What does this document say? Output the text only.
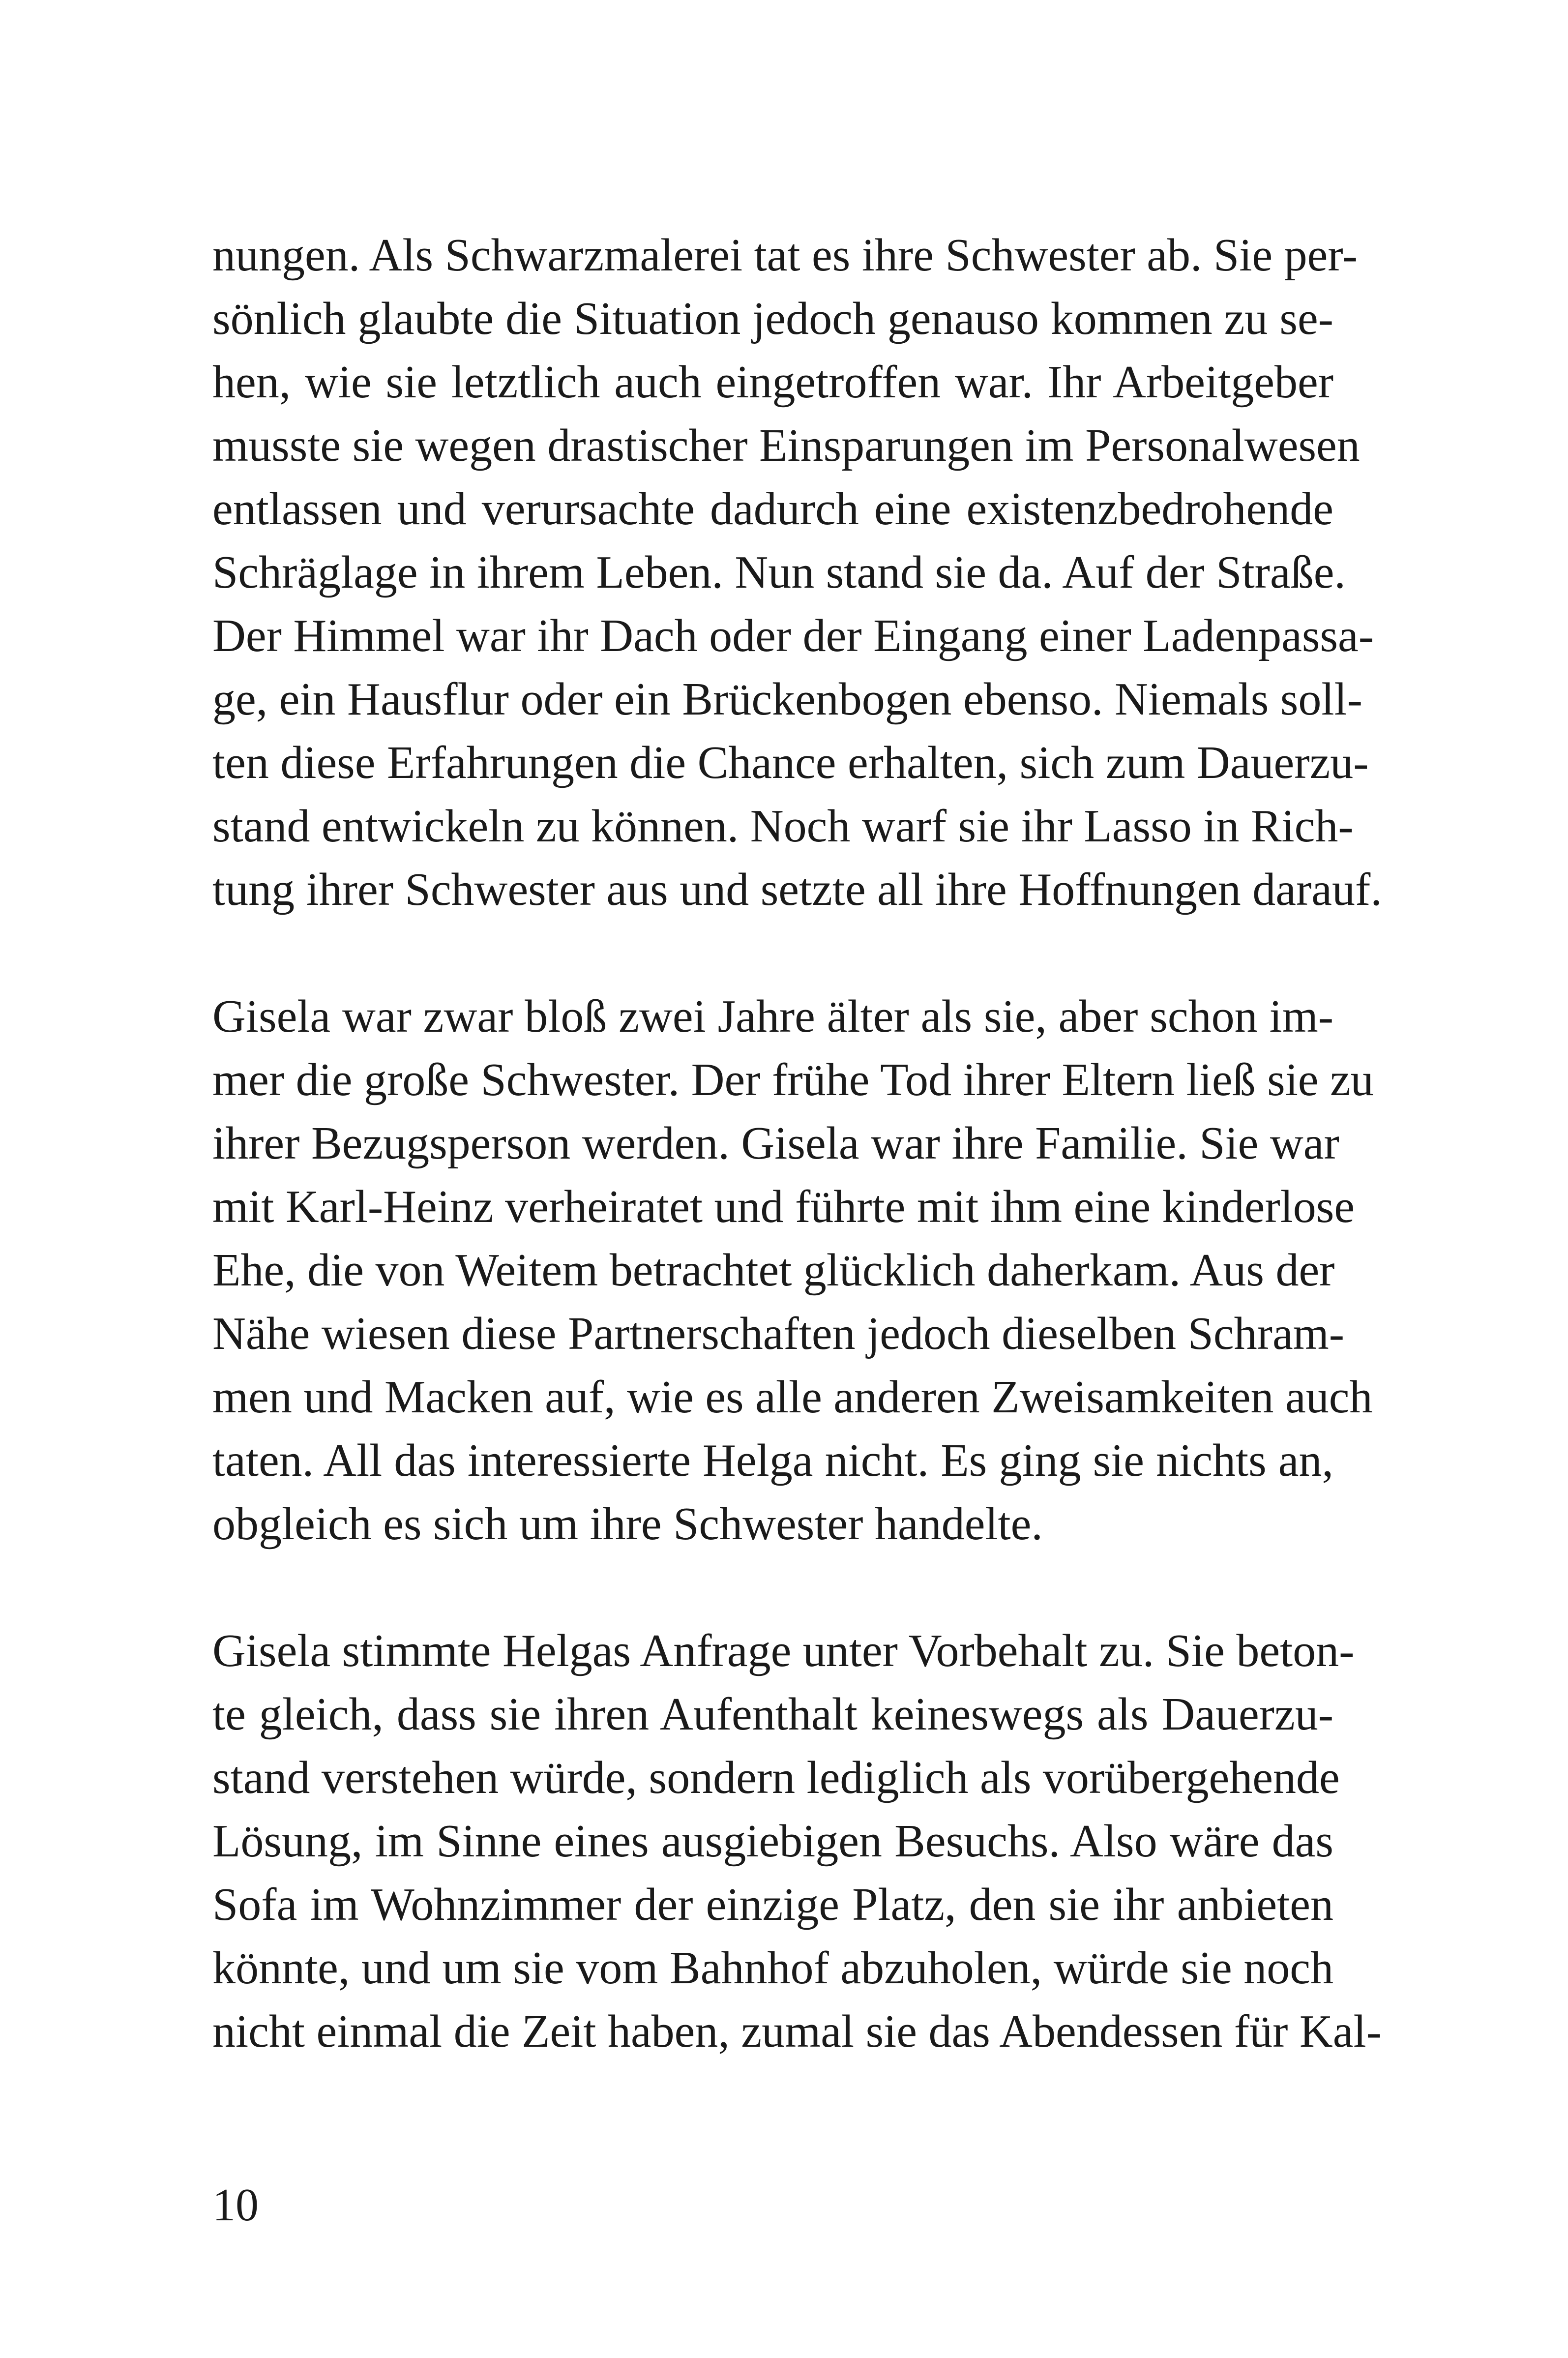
nungen. Als Schwarzmalerei tat es ihre Schwester ab. Sie per-
sönlich glaubte die Situation jedoch genauso kommen zu se-
hen, wie sie letztlich auch eingetroffen war. Ihr Arbeitgeber
musste sie wegen drastischer Einsparungen im Personalwesen
entlassen und verursachte dadurch eine existenzbedrohende
Schräglage in ihrem Leben. Nun stand sie da. Auf der Straße.
Der Himmel war ihr Dach oder der Eingang einer Ladenpassa-
ge, ein Hausflur oder ein Brückenbogen ebenso. Niemals soll-
ten diese Erfahrungen die Chance erhalten, sich zum Dauerzu-
stand entwickeln zu können. Noch warf sie ihr Lasso in Rich-
tung ihrer Schwester aus und setzte all ihre Hoffnungen darauf.

Gisela war zwar bloß zwei Jahre älter als sie, aber schon im-
mer die große Schwester. Der frühe Tod ihrer Eltern ließ sie zu
ihrer Bezugsperson werden. Gisela war ihre Familie. Sie war
mit Karl-Heinz verheiratet und führte mit ihm eine kinderlose
Ehe, die von Weitem betrachtet glücklich daherkam. Aus der
Nähe wiesen diese Partnerschaften jedoch dieselben Schram-
men und Macken auf, wie es alle anderen Zweisamkeiten auch
taten. All das interessierte Helga nicht. Es ging sie nichts an,
obgleich es sich um ihre Schwester handelte.

Gisela stimmte Helgas Anfrage unter Vorbehalt zu. Sie beton-
te gleich, dass sie ihren Aufenthalt keineswegs als Dauerzu-
stand verstehen würde, sondern lediglich als vorübergehende
Lösung, im Sinne eines ausgiebigen Besuchs. Also wäre das
Sofa im Wohnzimmer der einzige Platz, den sie ihr anbieten
könnte, und um sie vom Bahnhof abzuholen, würde sie noch
nicht einmal die Zeit haben, zumal sie das Abendessen für Kal-

10
